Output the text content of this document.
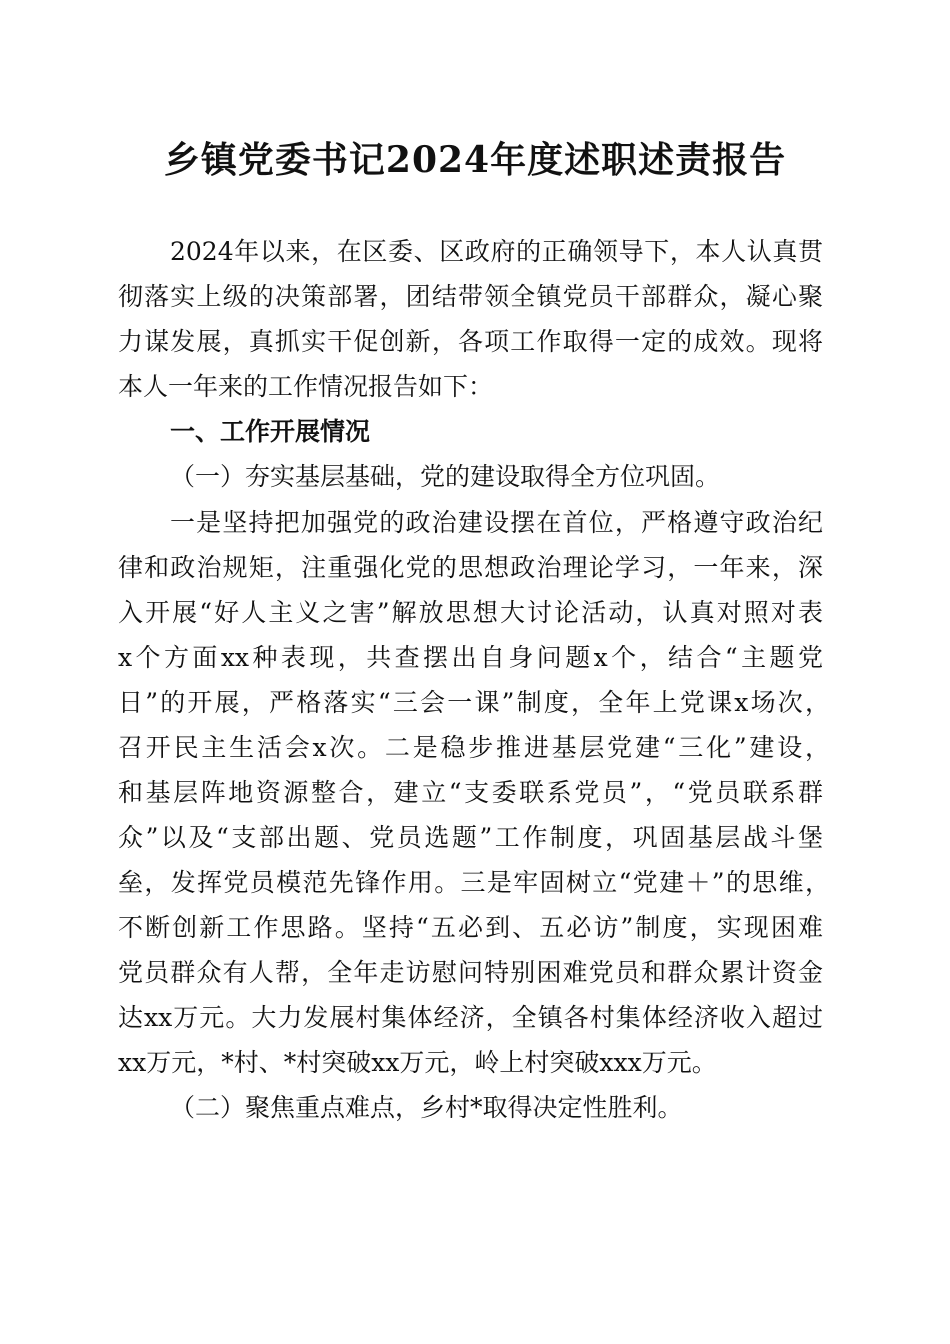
乡镇党委书记2024年度述职述责报告
2024年以来，在区委、区政府的正确领导下，本人认真贯
彻落实上级的决策部署，团结带领全镇党员干部群众，凝心聚
力谋发展，真抓实干促创新，各项工作取得一定的成效。现将
本人一年来的工作情况报告如下：
一、工作开展情况
（一）夯实基层基础，党的建设取得全方位巩固。
一是坚持把加强党的政治建设摆在首位，严格遵守政治纪
律和政治规矩，注重强化党的思想政治理论学习，一年来，深
入开展“好人主义之害”解放思想大讨论活动，认真对照对表
x个方面xx种表现，共查摆出自身问题x个，结合“主题党
日”的开展，严格落实“三会一课”制度，全年上党课x场次，
召开民主生活会x次。二是稳步推进基层党建“三化”建设，
和基层阵地资源整合，建立“支委联系党员”，“党员联系群
众”以及“支部出题、党员选题”工作制度，巩固基层战斗堡
垒，发挥党员模范先锋作用。三是牢固树立“党建＋”的思维，
不断创新工作思路。坚持“五必到、五必访”制度，实现困难
党员群众有人帮，全年走访慰问特别困难党员和群众累计资金
达xx万元。大力发展村集体经济，全镇各村集体经济收入超过
xx万元，*村、*村突破xx万元，岭上村突破xxx万元。
（二）聚焦重点难点，乡村*取得决定性胜利。
